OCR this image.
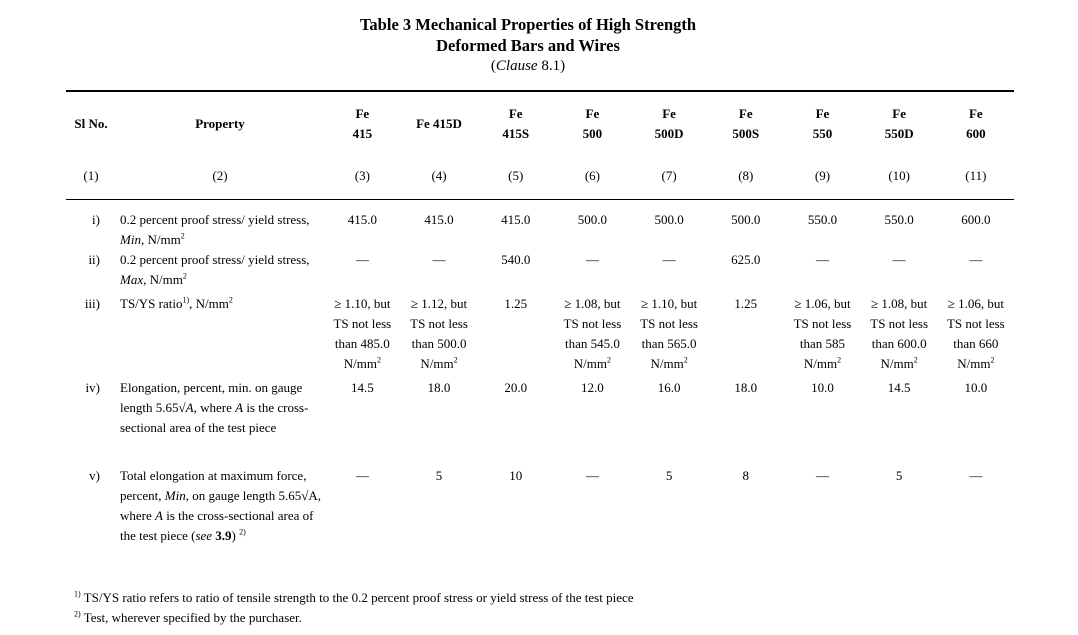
Table 3 Mechanical Properties of High Strength
Deformed Bars and Wires
(Clause 8.1)
Sl No.	Property	Fe
415	Fe 415D	Fe
415S	Fe
500	Fe
500D	Fe
500S	Fe
550	Fe
550D	Fe
600
(1)	(2)	(3)	(4)	(5)	(6)	(7)	(8)	(9)	(10)	(11)
i)	0.2 percent proof stress/ yield stress, Min, $N/mm^2$	415.0	415.0	415.0	500.0	500.0	500.0	550.0	550.0	600.0
ii)	0.2 percent proof stress/ yield stress, Max, $N/mm^2$	—	—	540.0	—	—	625.0	—	—	—
iii)	TS/YS ratio$^{1)}$, $N/mm^2$	≥ 1.10, but
TS not less
than 485.0
$N/mm^2$	≥ 1.12, but
TS not less
than 500.0
$N/mm^2$	1.25	≥ 1.08, but
TS not less
than 545.0
$N/mm^2$	≥ 1.10, but
TS not less
than 565.0
$N/mm^2$	1.25	≥ 1.06, but
TS not less
than 585
$N/mm^2$	≥ 1.08, but
TS not less
than 600.0
$N/mm^2$	≥ 1.06, but
TS not less
than 660
$N/mm^2$
iv)	Elongation, percent, min. on gauge length 5.65√A, where A is the cross-sectional area of the test piece	14.5	18.0	20.0	12.0	16.0	18.0	10.0	14.5	10.0
v)	Total elongation at maximum force, percent, Min, on gauge length 5.65√A, where A is the cross-sectional area of the test piece (see 3.9) $^{2)}$	—	5	10	—	5	8	—	5	—
$^{1)}$ TS/YS ratio refers to ratio of tensile strength to the 0.2 percent proof stress or yield stress of the test piece
$^{2)}$ Test, wherever specified by the purchaser.
